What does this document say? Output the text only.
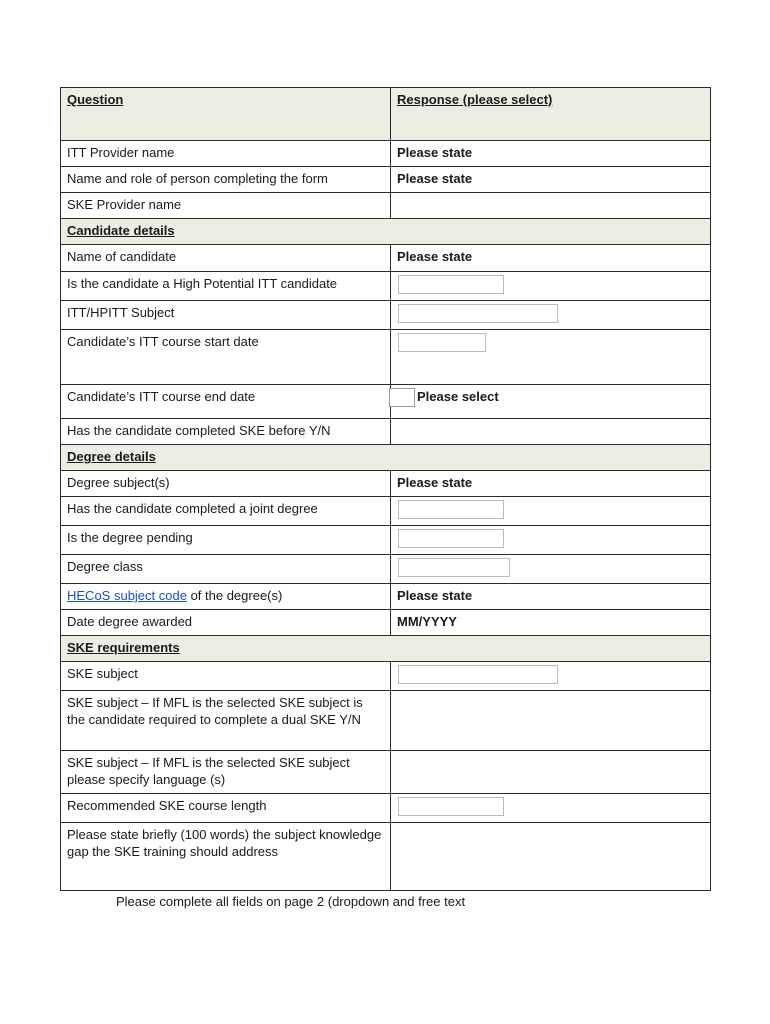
Question	Response (please select)
ITT Provider name	Please state
Name and role of person completing the form	Please state
SKE Provider name	
Candidate details	
Name of candidate	Please state
Is the candidate a High Potential ITT candidate	

ITT/HPITT Subject	

Candidate’s ITT course start date	

Candidate’s ITT course end date	Please select
Has the candidate completed SKE before Y/N	
Degree details	
Degree subject(s)	Please state
Has the candidate completed a joint degree	

Is the degree pending	

Degree class	

HECoS subject code of the degree(s)	Please state
Date degree awarded	MM/YYYY
SKE requirements	
SKE subject	

SKE subject – If MFL is the selected SKE subject is the candidate required to complete a dual SKE Y/N	
SKE subject – If MFL is the selected SKE subject please specify language (s)	
Recommended SKE course length	

Please state briefly (100 words) the subject knowledge gap the SKE training should address	
Please complete all fields on page 2 (dropdown and free text
